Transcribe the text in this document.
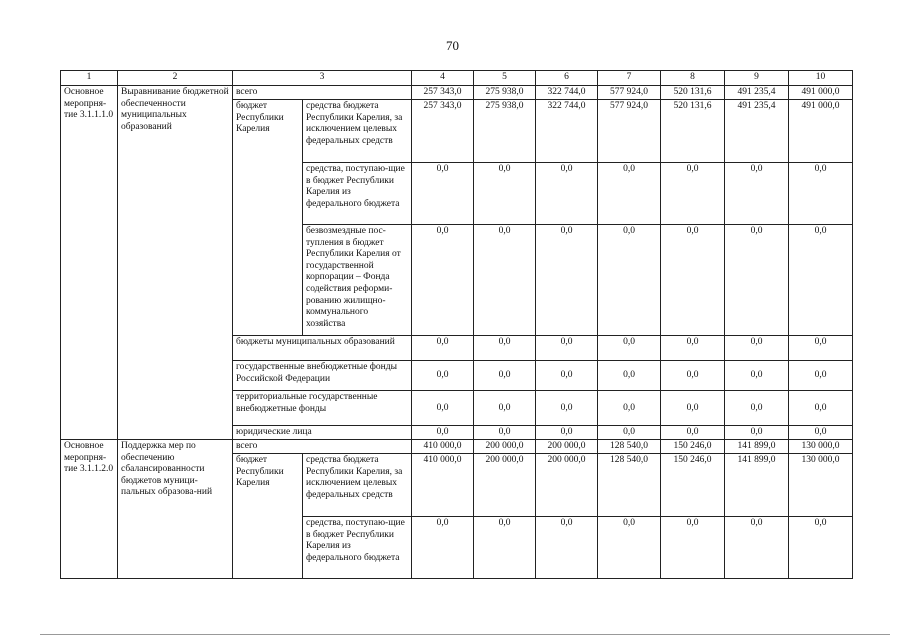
70
1	2	3		4	5	6	7	8	9	10
Основное меропрня-тие 3.1.1.1.0	Выравнивание бюджетной обеспеченности муниципальных образований	всего		257 343,0	275 938,0	322 744,0	577 924,0	520 131,6	491 235,4	491 000,0
		бюджет Республики Карелия	средства бюджета Республики Карелия, за исключением целевых федеральных средств	257 343,0	275 938,0	322 744,0	577 924,0	520 131,6	491 235,4	491 000,0
			средства, поступаю-щие в бюджет Республики Карелия из федерального бюджета	0,0	0,0	0,0	0,0	0,0	0,0	0,0
			безвозмездные пос-тупления в бюджет Республики Карелия от государственной корпорации – Фонда содействия реформи-рованию жилищно-коммунального хозяйства	0,0	0,0	0,0	0,0	0,0	0,0	0,0
		бюджеты муниципальных образований		0,0	0,0	0,0	0,0	0,0	0,0	0,0
		государственные внебюджетные фонды Российской Федерации		0,0	0,0	0,0	0,0	0,0	0,0	0,0
		территориальные государственные внебюджетные фонды		0,0	0,0	0,0	0,0	0,0	0,0	0,0
		юридические лица		0,0	0,0	0,0	0,0	0,0	0,0	0,0
Основное меропрня-тие 3.1.1.2.0	Поддержка мер по обеспечению сбалансированности бюджетов муници-пальных образова-ний	всего		410 000,0	200 000,0	200 000,0	128 540,0	150 246,0	141 899,0	130 000,0
		бюджет Республики Карелия	средства бюджета Республики Карелия, за исключением целевых федеральных средств	410 000,0	200 000,0	200 000,0	128 540,0	150 246,0	141 899,0	130 000,0
			средства, поступаю-щие в бюджет Республики Карелия из федерального бюджета	0,0	0,0	0,0	0,0	0,0	0,0	0,0
